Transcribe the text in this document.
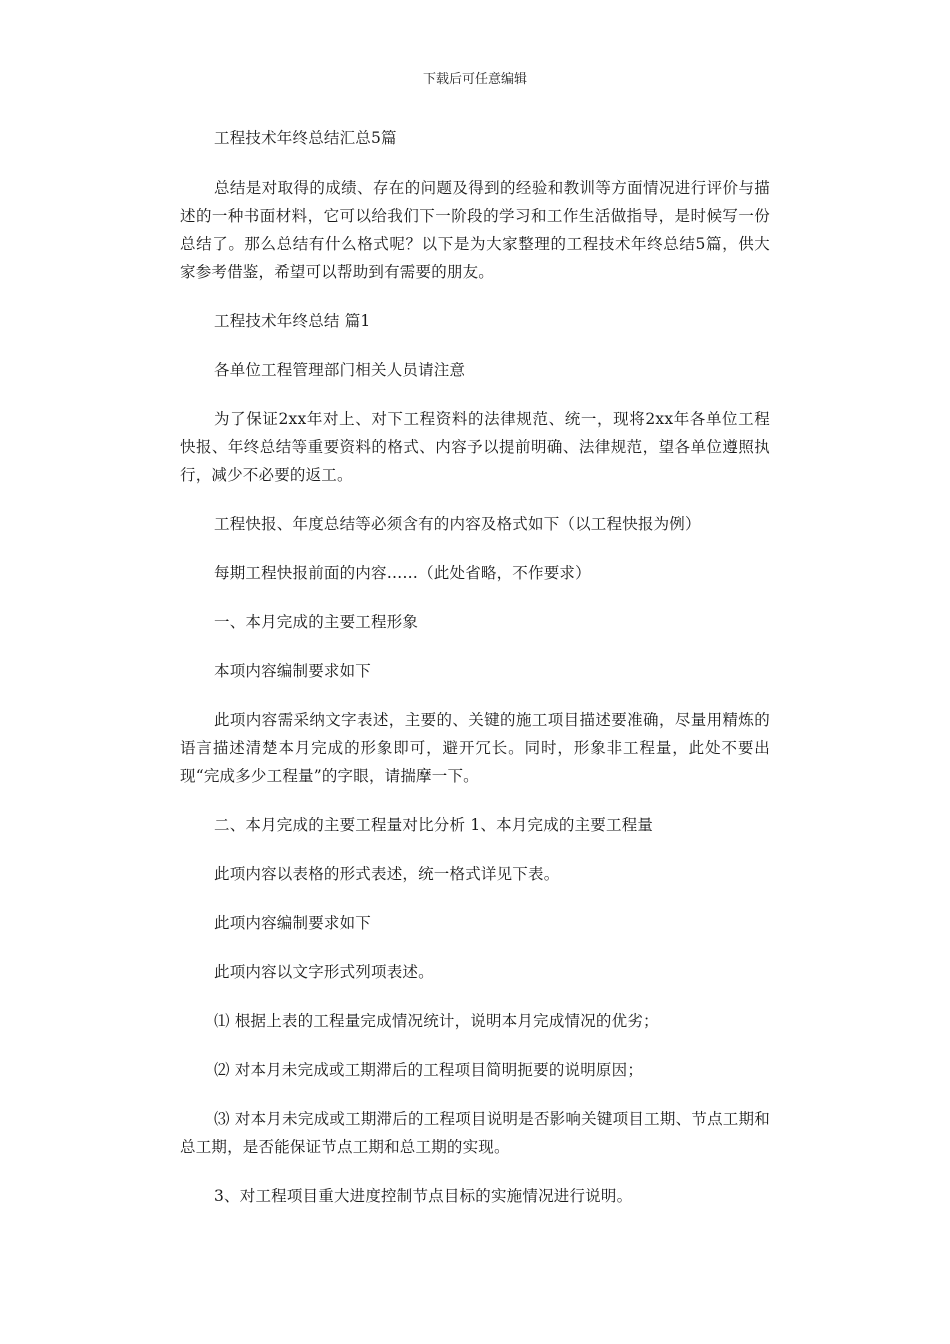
下载后可任意编辑

工程技术年终总结汇总5篇

总结是对取得的成绩、存在的问题及得到的经验和教训等方面情况进行评价与描述的一种书面材料，它可以给我们下一阶段的学习和工作生活做指导，是时候写一份总结了。那么总结有什么格式呢？以下是为大家整理的工程技术年终总结5篇，供大家参考借鉴，希望可以帮助到有需要的朋友。

工程技术年终总结 篇1

各单位工程管理部门相关人员请注意

为了保证2xx年对上、对下工程资料的法律规范、统一，现将2xx年各单位工程快报、年终总结等重要资料的格式、内容予以提前明确、法律规范，望各单位遵照执行，减少不必要的返工。

工程快报、年度总结等必须含有的内容及格式如下（以工程快报为例）

每期工程快报前面的内容……（此处省略，不作要求）

一、本月完成的主要工程形象

本项内容编制要求如下

此项内容需采纳文字表述，主要的、关键的施工项目描述要准确，尽量用精炼的语言描述清楚本月完成的形象即可，避开冗长。同时，形象非工程量，此处不要出现“完成多少工程量”的字眼，请揣摩一下。

二、本月完成的主要工程量对比分析 1、本月完成的主要工程量

此项内容以表格的形式表述，统一格式详见下表。

此项内容编制要求如下

此项内容以文字形式列项表述。

⑴ 根据上表的工程量完成情况统计，说明本月完成情况的优劣；

⑵ 对本月未完成或工期滞后的工程项目简明扼要的说明原因；

⑶ 对本月未完成或工期滞后的工程项目说明是否影响关键项目工期、节点工期和总工期，是否能保证节点工期和总工期的实现。

3、对工程项目重大进度控制节点目标的实施情况进行说明。
